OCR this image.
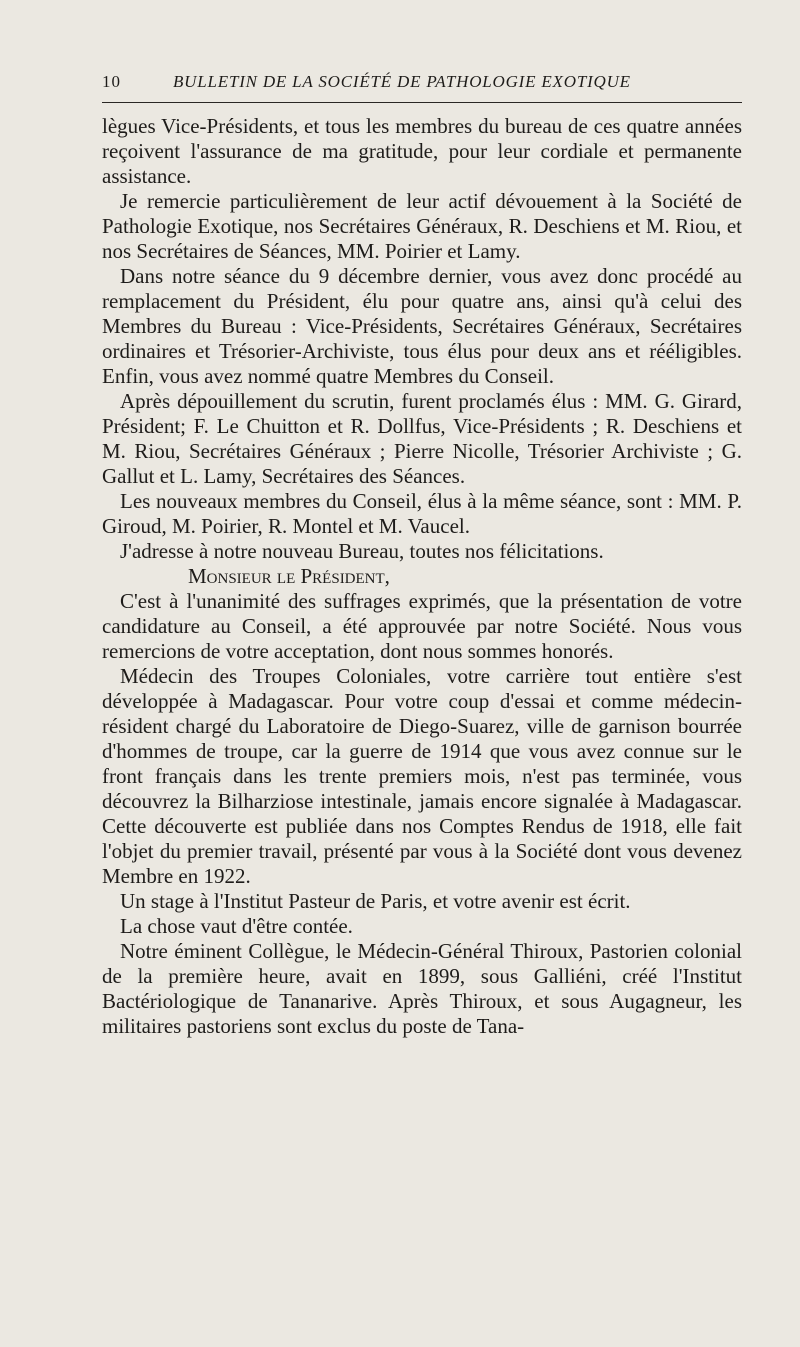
10	BULLETIN DE LA SOCIÉTÉ DE PATHOLOGIE EXOTIQUE

lègues Vice-Présidents, et tous les membres du bureau de ces quatre années reçoivent l'assurance de ma gratitude, pour leur cordiale et permanente assistance.

Je remercie particulièrement de leur actif dévouement à la Société de Pathologie Exotique, nos Secrétaires Généraux, R. Deschiens et M. Riou, et nos Secrétaires de Séances, MM. Poirier et Lamy.

Dans notre séance du 9 décembre dernier, vous avez donc procédé au remplacement du Président, élu pour quatre ans, ainsi qu'à celui des Membres du Bureau : Vice-Présidents, Secrétaires Généraux, Secrétaires ordinaires et Trésorier-Archiviste, tous élus pour deux ans et rééligibles. Enfin, vous avez nommé quatre Membres du Conseil.

Après dépouillement du scrutin, furent proclamés élus : MM. G. Girard, Président; F. Le Chuitton et R. Dollfus, Vice-Présidents ; R. Deschiens et M. Riou, Secrétaires Généraux ; Pierre Nicolle, Trésorier Archiviste ; G. Gallut et L. Lamy, Secrétaires des Séances.

Les nouveaux membres du Conseil, élus à la même séance, sont : MM. P. Giroud, M. Poirier, R. Montel et M. Vaucel.

J'adresse à notre nouveau Bureau, toutes nos félicitations.

Monsieur le Président,

C'est à l'unanimité des suffrages exprimés, que la présentation de votre candidature au Conseil, a été approuvée par notre Société. Nous vous remercions de votre acceptation, dont nous sommes honorés.

Médecin des Troupes Coloniales, votre carrière tout entière s'est développée à Madagascar. Pour votre coup d'essai et comme médecin-résident chargé du Laboratoire de Diego-Suarez, ville de garnison bourrée d'hommes de troupe, car la guerre de 1914 que vous avez connue sur le front français dans les trente premiers mois, n'est pas terminée, vous découvrez la Bilharziose intestinale, jamais encore signalée à Madagascar. Cette découverte est publiée dans nos Comptes Rendus de 1918, elle fait l'objet du premier travail, présenté par vous à la Société dont vous devenez Membre en 1922.

Un stage à l'Institut Pasteur de Paris, et votre avenir est écrit.

La chose vaut d'être contée.

Notre éminent Collègue, le Médecin-Général Thiroux, Pastorien colonial de la première heure, avait en 1899, sous Galliéni, créé l'Institut Bactériologique de Tananarive. Après Thiroux, et sous Augagneur, les militaires pastoriens sont exclus du poste de Tana-
